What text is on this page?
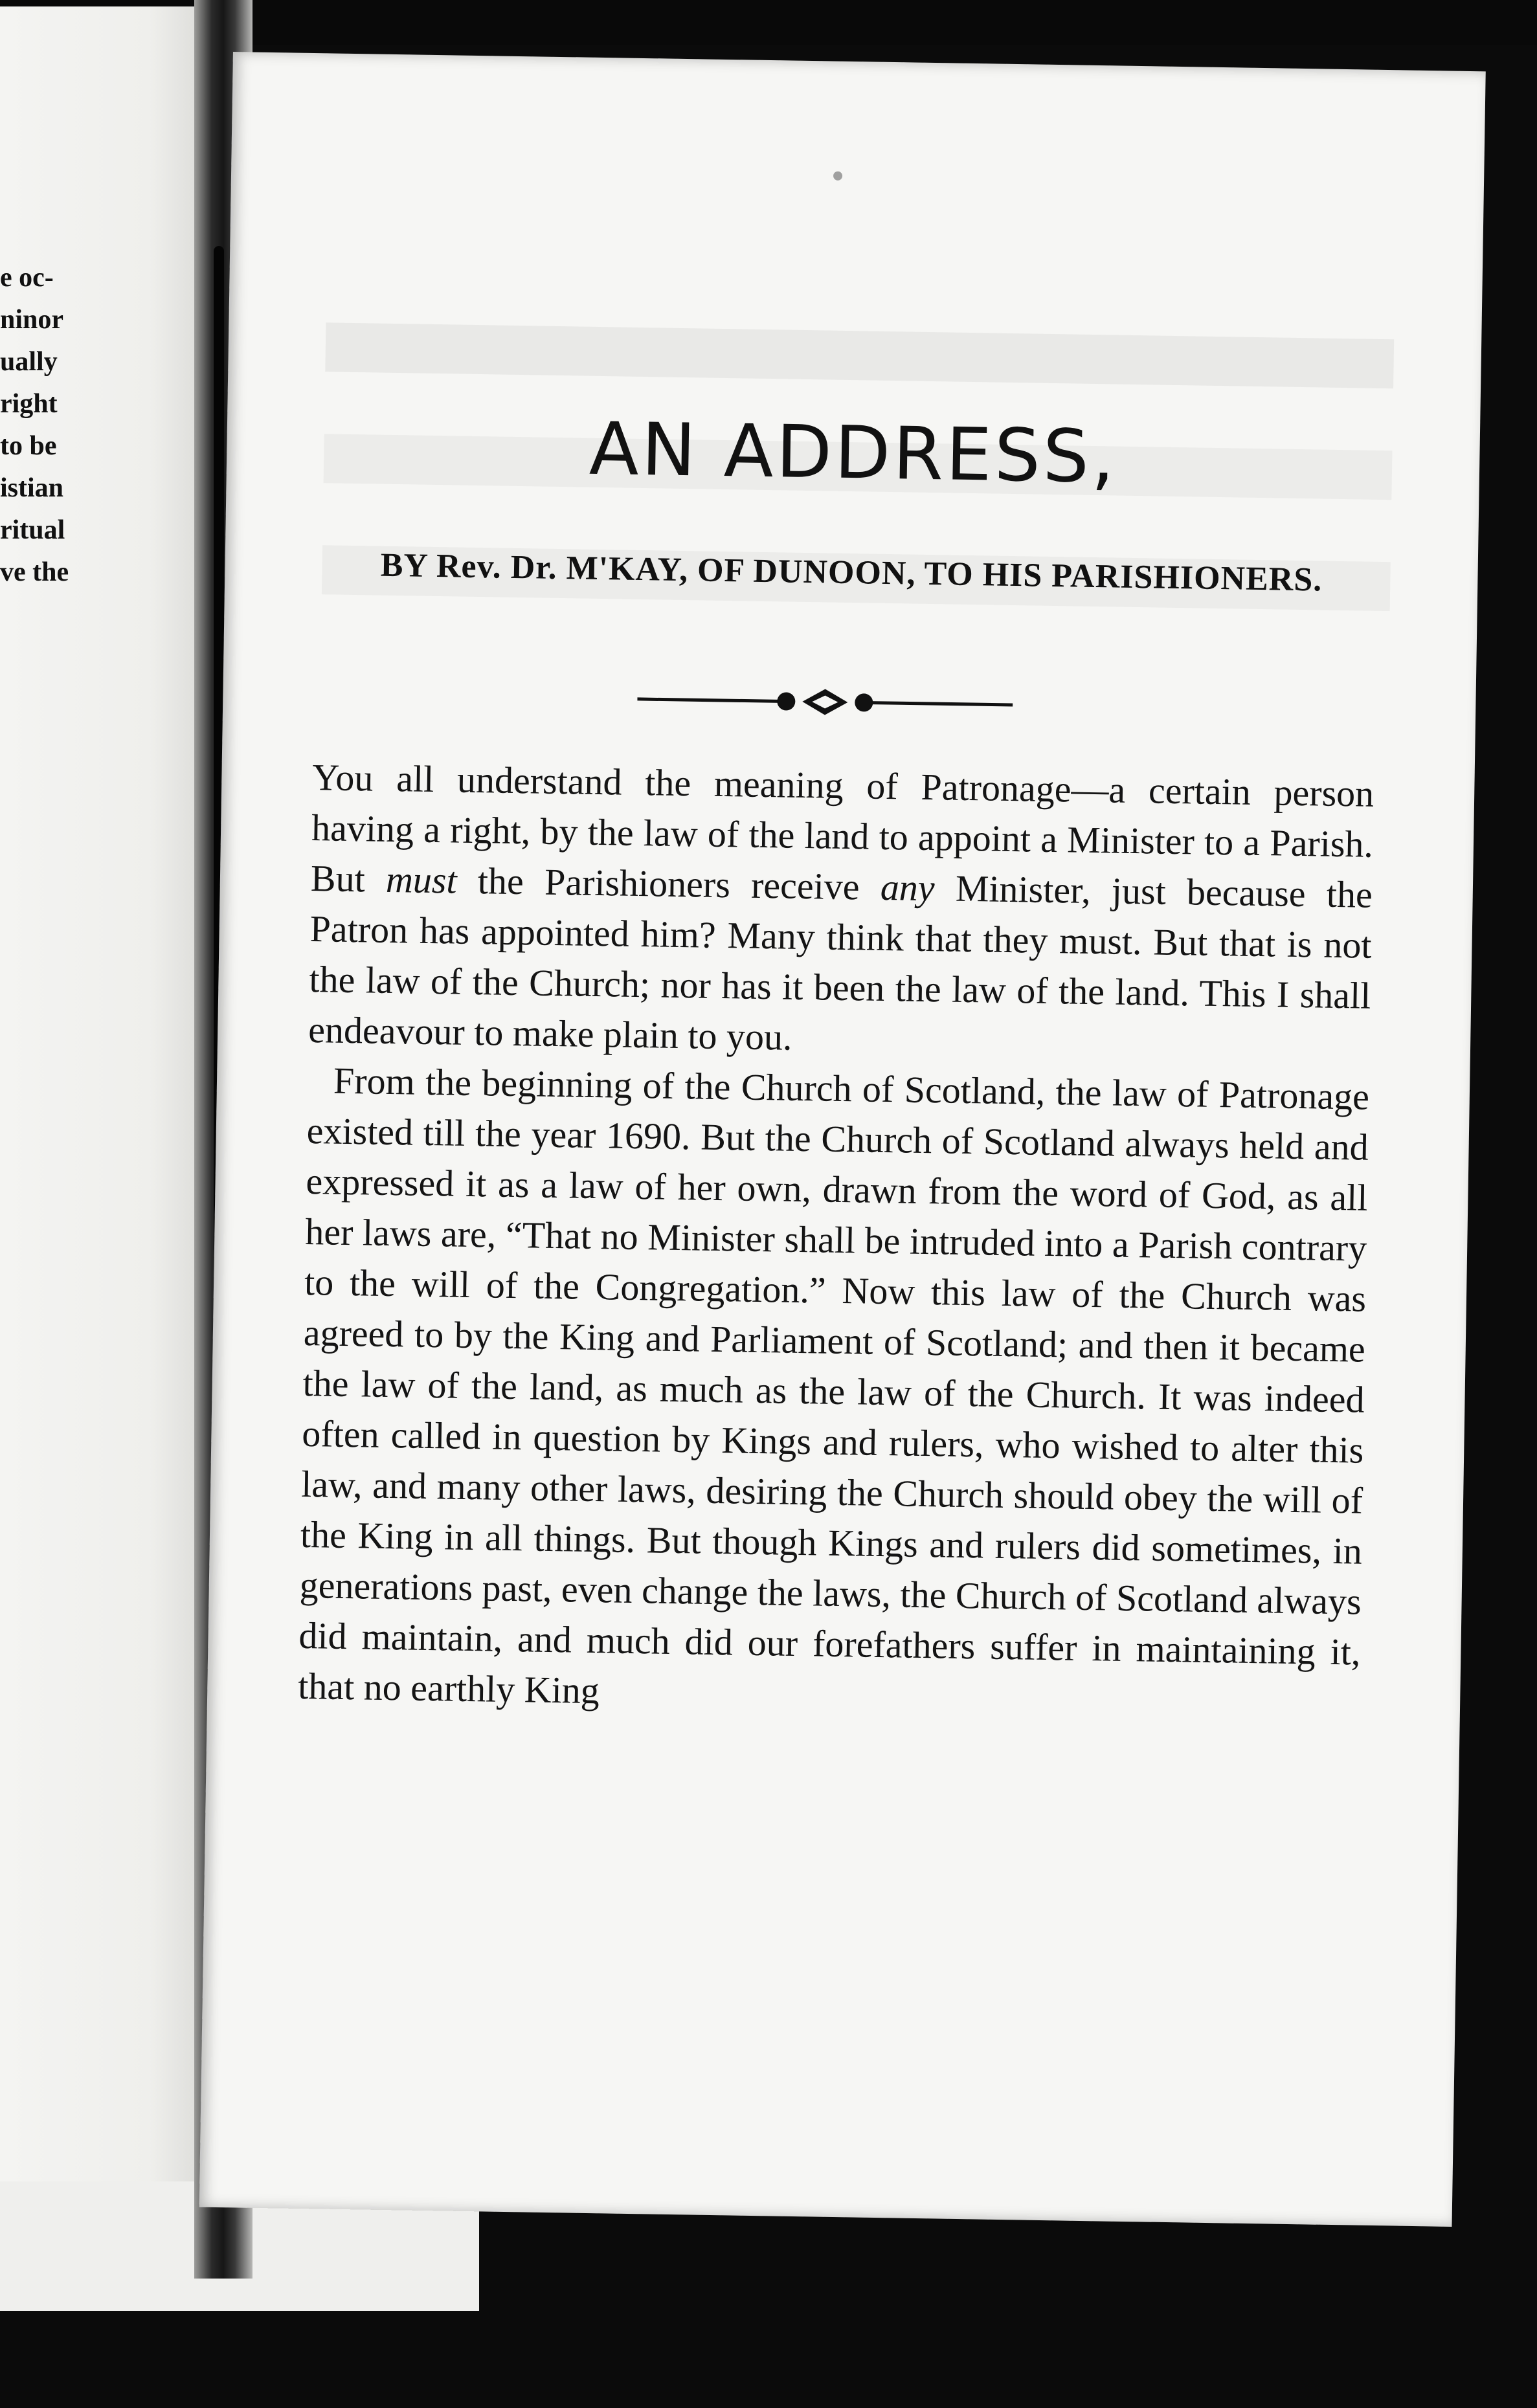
e oc-
ninor
ually
right
to be
istian
ritual
ve the

AN ADDRESS,
BY Rev. Dr. M'KAY, OF DUNOON, TO HIS PARISHIONERS.

You all understand the meaning of Patronage—a certain person having a right, by the law of the land to appoint a Minister to a Parish. But must the Parishioners receive any Minister, just because the Patron has appointed him? Many think that they must. But that is not the law of the Church; nor has it been the law of the land. This I shall endeavour to make plain to you.

From the beginning of the Church of Scotland, the law of Patronage existed till the year 1690. But the Church of Scotland always held and expressed it as a law of her own, drawn from the word of God, as all her laws are, “That no Minister shall be intruded into a Parish contrary to the will of the Congregation.” Now this law of the Church was agreed to by the King and Parliament of Scotland; and then it became the law of the land, as much as the law of the Church. It was indeed often called in question by Kings and rulers, who wished to alter this law, and many other laws, desiring the Church should obey the will of the King in all things. But though Kings and rulers did sometimes, in generations past, even change the laws, the Church of Scotland always did maintain, and much did our forefathers suffer in maintaining it, that no earthly King
